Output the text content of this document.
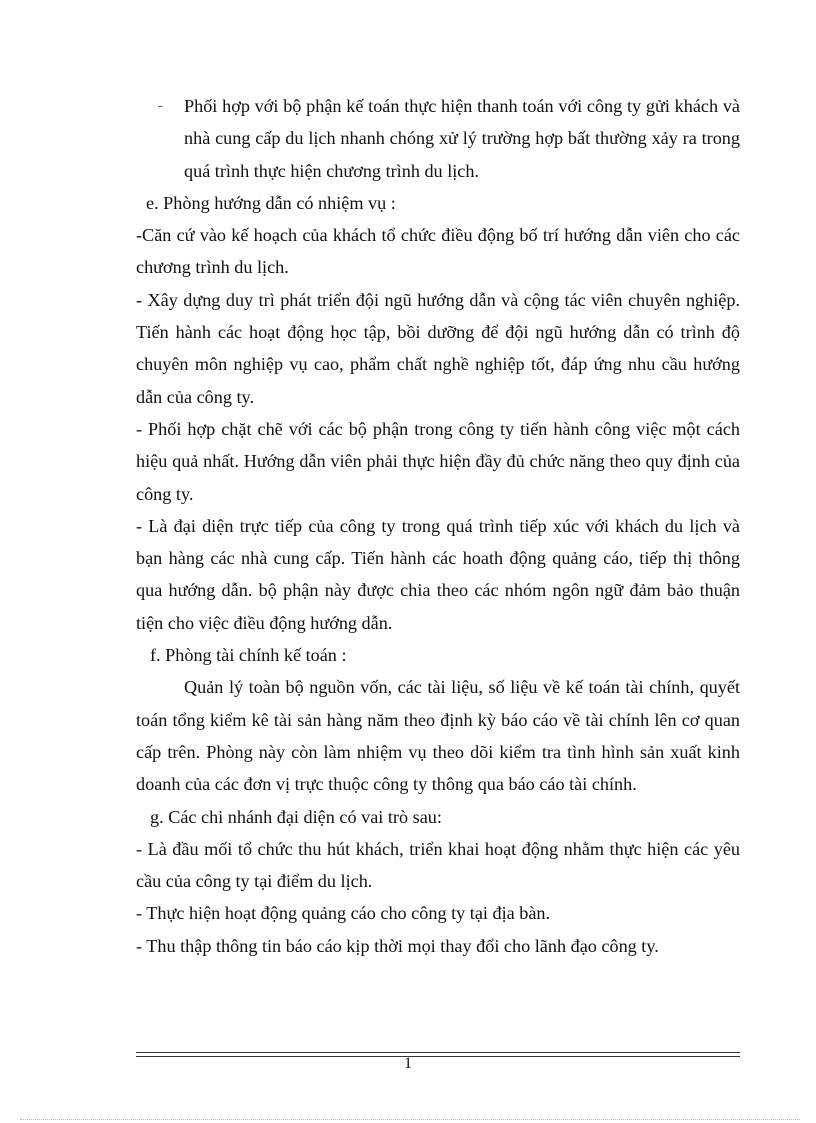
˗ Phối hợp với bộ phận kế toán thực hiện thanh toán với công ty gửi khách và nhà cung cấp du lịch nhanh chóng xử lý trường hợp bất thường xảy ra trong quá trình thực hiện chương trình du lịch.

e. Phòng hướng dẫn có nhiệm vụ :

-Căn cứ vào kế hoạch của khách tổ chức điều động bố trí hướng dẫn viên cho các chương trình du lịch.

- Xây dựng duy trì phát triển đội ngũ hướng dẫn và cộng tác viên chuyên nghiệp. Tiến hành các hoạt động học tập, bồi dưỡng để đội ngũ hướng dẫn có trình độ chuyên môn nghiệp vụ cao, phẩm chất nghề nghiệp tốt, đáp ứng nhu cầu hướng dẫn của công ty.

- Phối hợp chặt chẽ với các bộ phận trong công ty tiến hành công việc một cách hiệu quả nhất. Hướng dẫn viên phải thực hiện đầy đủ chức năng theo quy định của công ty.

- Là đại diện trực tiếp của công ty trong quá trình tiếp xúc với khách du lịch và bạn hàng các nhà cung cấp. Tiến hành các hoath động quảng cáo, tiếp thị thông qua hướng dẫn. bộ phận này được chia theo các nhóm ngôn ngữ đảm bảo thuận tiện cho việc điều động hướng dẫn.

f. Phòng tài chính kế toán :

Quản lý toàn bộ nguồn vốn, các tài liệu, số liệu về kế toán tài chính, quyết toán tổng kiểm kê tài sản hàng năm theo định kỳ báo cáo về tài chính lên cơ quan cấp trên. Phòng này còn làm nhiệm vụ theo dõi kiểm tra tình hình sản xuất kinh doanh của các đơn vị trực thuộc công ty thông qua báo cáo tài chính.

g. Các chi nhánh đại diện có vai trò sau:

- Là đầu mối tổ chức thu hút khách, triển khai hoạt động nhằm thực hiện các yêu cầu của công ty tại điểm du lịch.

- Thực hiện hoạt động quảng cáo cho công ty tại địa bàn.

- Thu thập thông tin báo cáo kịp thời mọi thay đổi cho lãnh đạo công ty.

1
